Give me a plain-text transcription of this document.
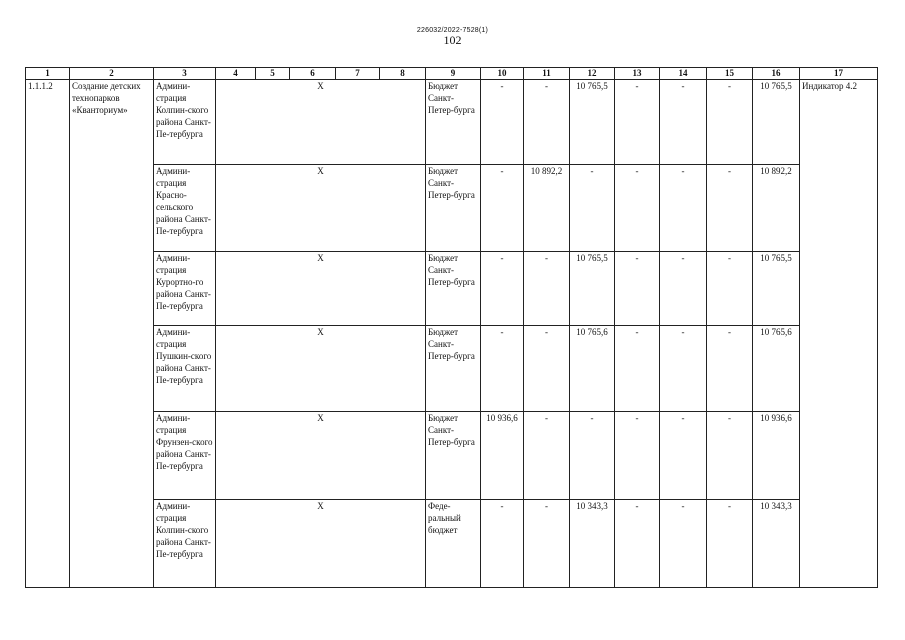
226032/2022-7528(1)
102
1	2	3	4	5	6	7	8	9	10	11	12	13	14	15	16	17
1.1.1.2	Создание детских технопарков «Кванториум»	Админи-страция Колпин-ского района Санкт-Пе-тербурга	Х					Бюджет Санкт-Петер-бурга	-	-	10 765,5	-	-	-	10 765,5	Индикатор 4.2
		Админи-страция Красно-сельского района Санкт-Пе-тербурга	Х					Бюджет Санкт-Петер-бурга	-	10 892,2	-	-	-	-	10 892,2	
		Админи-страция Курортно-го района Санкт-Пе-тербурга	Х					Бюджет Санкт-Петер-бурга	-	-	10 765,5	-	-	-	10 765,5	
		Админи-страция Пушкин-ского района Санкт-Пе-тербурга	Х					Бюджет Санкт-Петер-бурга	-	-	10 765,6	-	-	-	10 765,6	
		Админи-страция Фрунзен-ского района Санкт-Пе-тербурга	Х					Бюджет Санкт-Петер-бурга	10 936,6	-	-	-	-	-	10 936,6	
		Админи-страция Колпин-ского района Санкт-Пе-тербурга	Х					Феде-ральный бюджет	-	-	10 343,3	-	-	-	10 343,3	
